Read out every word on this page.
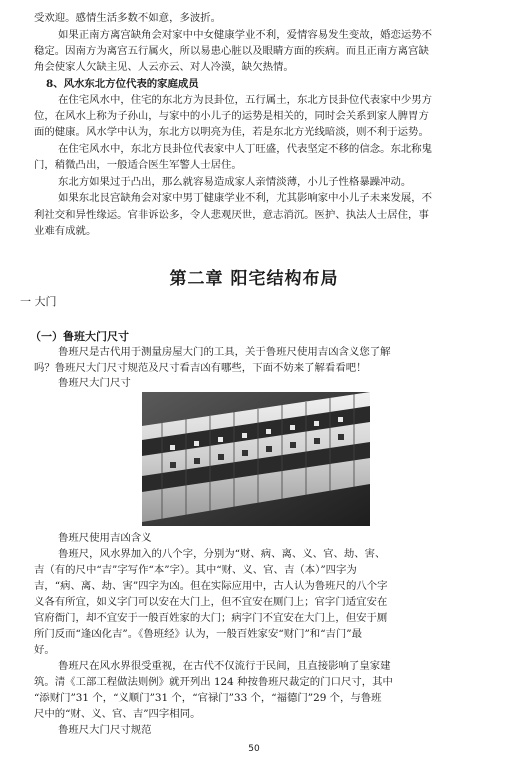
受欢迎。感情生活多数不如意，多波折。
如果正南方离宫缺角会对家中中女健康学业不利，爱情容易发生变故，婚恋运势不
稳定。因南方为离宫五行属火，所以易患心脏以及眼睛方面的疾病。而且正南方离宫缺
角会使家人欠缺主见、人云亦云、对人冷漠，缺欠热情。
8、风水东北方位代表的家庭成员
在住宅风水中，住宅的东北方为艮卦位，五行属土，东北方艮卦位代表家中少男方
位，在风水上称为子孙山，与家中的小儿子的运势是相关的，同时会关系到家人脾胃方
面的健康。风水学中认为，东北方以明亮为佳，若是东北方光线暗淡，则不利于运势。
在住宅风水中，东北方艮卦位代表家中人丁旺盛，代表坚定不移的信念。东北称鬼
门，稍微凸出，一般适合医生军警人士居住。
东北方如果过于凸出，那么就容易造成家人亲情淡薄，小儿子性格暴躁冲动。
如果东北艮宫缺角会对家中男丁健康学业不利，尤其影响家中小儿子未来发展，不
利社交和异性缘运。官非诉讼多，令人悲观厌世，意志消沉。医护、执法人士居住，事
业难有成就。
第二章 阳宅结构布局
一 大门
（一）鲁班大门尺寸
鲁班尺是古代用于测量房屋大门的工具，关于鲁班尺使用吉凶含义您了解
吗？鲁班尺大门尺寸规范及尺寸看吉凶有哪些，下面不妨来了解看看吧！
鲁班尺大门尺寸
鲁班尺使用吉凶含义
鲁班尺，风水界加入的八个字，分别为“财、病、离、义、官、劫、害、
吉（有的尺中“吉”字写作“本”字）。其中“财、义、官、吉（本）”四字为
吉，“病、离、劫、害”四字为凶。但在实际应用中，古人认为鲁班尺的八个字
义各有所宜，如义字门可以安在大门上，但不宜安在厕门上；官字门适宜安在
官府衙门，却不宜安于一般百姓家的大门；病字门不宜安在大门上，但安于厕
所门反而“逢凶化吉”。《鲁班经》认为，一般百姓家安“财门”和“吉门”最
好。
鲁班尺在风水界很受重视，在古代不仅流行于民间，且直接影响了皇家建
筑。清《工部工程做法则例》就开列出 124 种按鲁班尺裁定的门口尺寸，其中
“添财门”31 个，“义顺门”31 个，“官禄门”33 个，“福德门”29 个，与鲁班
尺中的“财、义、官、吉”四字相同。
鲁班尺大门尺寸规范
50
